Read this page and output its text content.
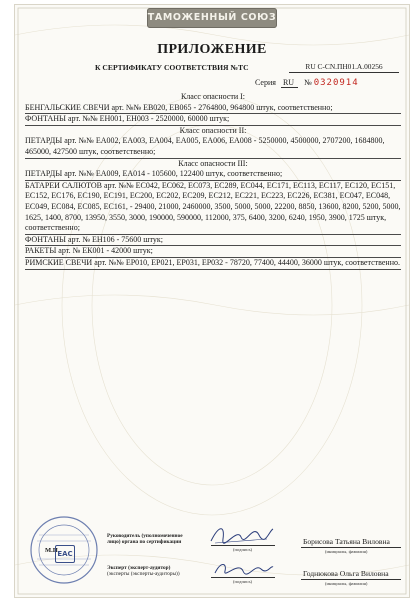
ТАМОЖЕННЫЙ СОЮЗ
ПРИЛОЖЕНИЕ
К СЕРТИФИКАТУ СООТВЕТСТВИЯ №ТС	RU С-CN.ПН01.А.00256
Серия RU № 0320914

Класс опасности I:

БЕНГАЛЬСКИЕ СВЕЧИ арт. №№ ЕВ020, ЕВ065 - 2764800, 964800 штук, соответственно;

ФОНТАНЫ арт. №№ ЕН001, ЕН003 - 2520000, 60000 штук;

Класс опасности II:

ПЕТАРДЫ арт. №№ ЕА002, ЕА003, ЕА004, ЕА005, ЕА006, ЕА008 - 5250000, 4500000, 2707200, 1684800, 465000, 427500 штук, соответственно;

Класс опасности III:

ПЕТАРДЫ арт. №№ ЕА009, ЕА014 - 105600, 122400 штук, соответственно;

БАТАРЕИ САЛЮТОВ арт. №№ ЕС042, ЕС062, ЕС073, ЕС289, ЕС044, ЕС171, ЕС113, ЕС117, ЕС120, ЕС151, ЕС152, ЕС176, ЕС190, ЕС191, ЕС200, ЕС202, ЕС209, ЕС212, ЕС221, ЕС223, ЕС226, ЕС381, ЕС047, ЕС048, ЕС049, ЕС084, ЕС085, ЕС161, - 29400, 21000, 2460000, 3500, 5000, 5000, 22200, 8850, 13600, 8200, 5200, 5000, 1625, 1400, 8700, 13950, 3550, 3000, 190000, 590000, 112000, 375, 6400, 3200, 6240, 1950, 3900, 1725 штук, соответственно;

ФОНТАНЫ арт. № ЕН106 - 75600 штук;

РАКЕТЫ арт. № ЕК001 - 42000 штук;

РИМСКИЕ СВЕЧИ арт. №№ ЕР010, ЕР021, ЕР031, ЕР032 - 78720, 77400, 44400, 36000 штук, соответственно.

М.П.
EAC
Руководитель (уполномоченное
лицо) органа по сертификации
(подпись)
Борисова Татьяна Виловна
(инициалы, фамилия)
Эксперт (эксперт-аудитор)
(эксперты (эксперты-аудиторы))
(подпись)
Годнюкова Ольга Виловна
(инициалы, фамилия)
